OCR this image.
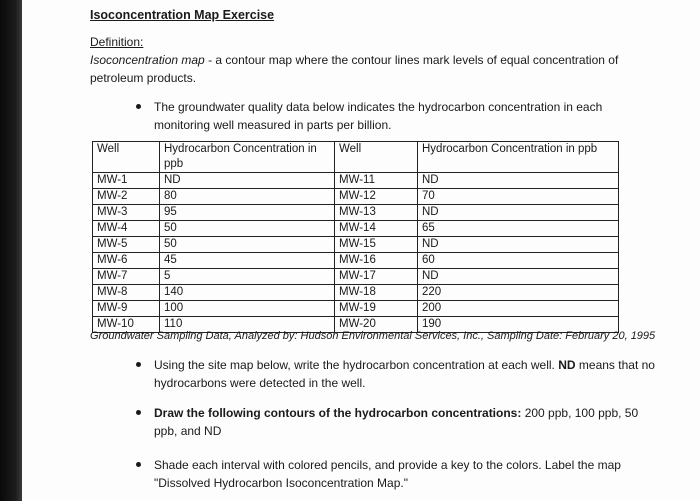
Isoconcentration Map Exercise
Definition:
Isoconcentration map - a contour map where the contour lines mark levels of equal concentration of petroleum products.
The groundwater quality data below indicates the hydrocarbon concentration in each monitoring well measured in parts per billion.
Well	Hydrocarbon Concentration in ppb	Well	Hydrocarbon Concentration in ppb
MW-1	ND	MW-11	ND
MW-2	80	MW-12	70
MW-3	95	MW-13	ND
MW-4	50	MW-14	65
MW-5	50	MW-15	ND
MW-6	45	MW-16	60
MW-7	5	MW-17	ND
MW-8	140	MW-18	220
MW-9	100	MW-19	200
MW-10	110	MW-20	190
Groundwater Sampling Data, Analyzed by: Hudson Environmental Services, Inc., Sampling Date: February 20, 1995
Using the site map below, write the hydrocarbon concentration at each well. ND means that no hydrocarbons were detected in the well.
Draw the following contours of the hydrocarbon concentrations: 200 ppb, 100 ppb, 50 ppb, and ND
Shade each interval with colored pencils, and provide a key to the colors. Label the map "Dissolved Hydrocarbon Isoconcentration Map."
